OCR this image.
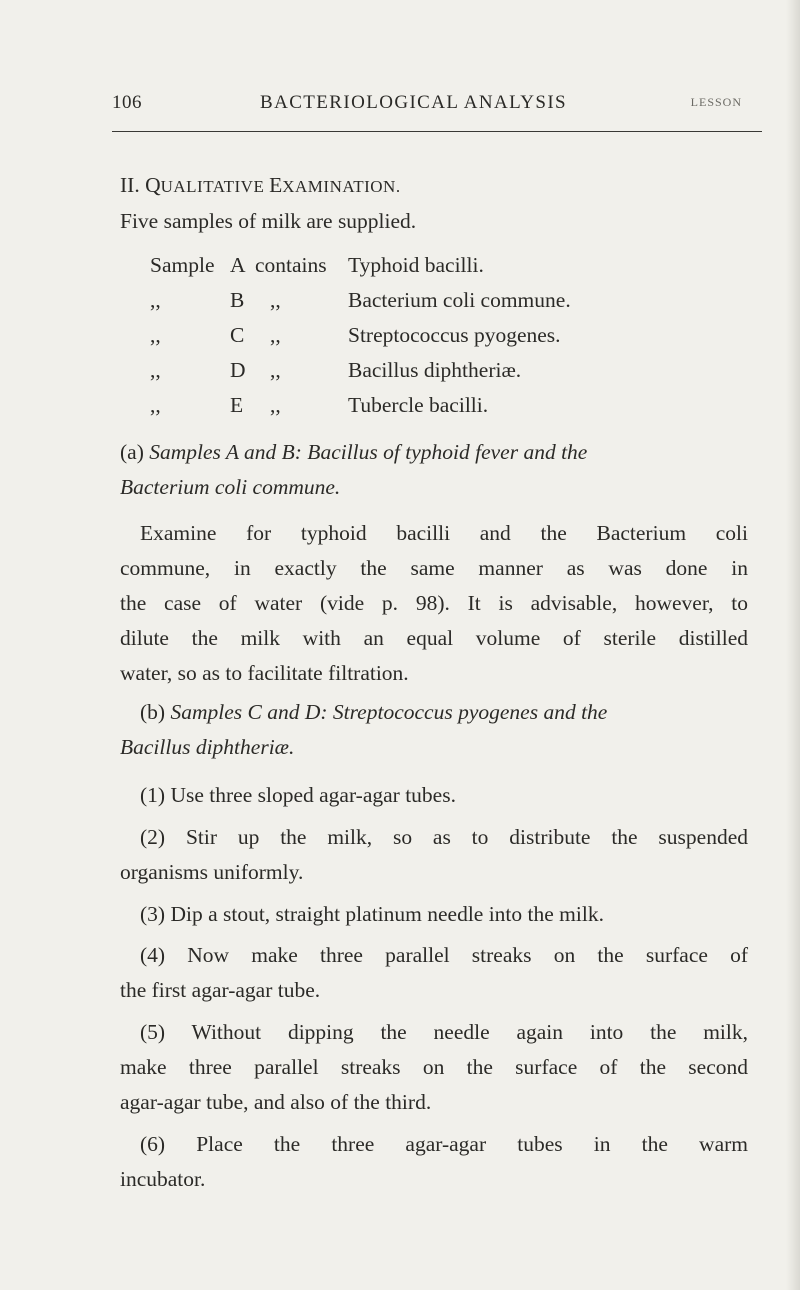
106	BACTERIOLOGICAL ANALYSIS	LESSON
II. QUALITATIVE EXAMINATION.
Five samples of milk are supplied.
Sample A contains Typhoid bacilli.
,,	B ,,	Bacterium coli commune.
,,	C ,,	Streptococcus pyogenes.
,,	D ,,	Bacillus diphtheriæ.
,,	E ,,	Tubercle bacilli.
(a) Samples A and B: Bacillus of typhoid fever and the
Bacterium coli commune.
Examine for typhoid bacilli and the Bacterium coli
commune, in exactly the same manner as was done in
the case of water (vide p. 98). It is advisable, however, to
dilute the milk with an equal volume of sterile distilled
water, so as to facilitate filtration.
(b) Samples C and D: Streptococcus pyogenes and the
Bacillus diphtheriæ.
(1) Use three sloped agar-agar tubes.
(2) Stir up the milk, so as to distribute the suspended
organisms uniformly.
(3) Dip a stout, straight platinum needle into the milk.
(4) Now make three parallel streaks on the surface of
the first agar-agar tube.
(5) Without dipping the needle again into the milk,
make three parallel streaks on the surface of the second
agar-agar tube, and also of the third.
(6) Place the three agar-agar tubes in the warm
incubator.
